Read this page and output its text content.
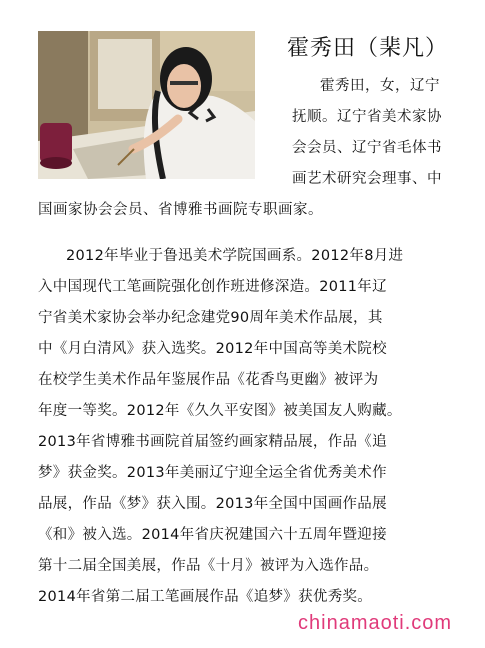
霍秀田（棐凡）
霍秀田，女，辽宁
抚顺。辽宁省美术家协
会会员、辽宁省毛体书
画艺术研究会理事、中
国画家协会会员、省博雅书画院专职画家。
2012年毕业于鲁迅美术学院国画系。2012年8月进
入中国现代工笔画院强化创作班进修深造。2011年辽
宁省美术家协会举办纪念建党90周年美术作品展，其
中《月白清风》获入选奖。2012年中国高等美术院校
在校学生美术作品年鉴展作品《花香鸟更幽》被评为
年度一等奖。2012年《久久平安图》被美国友人购藏。
2013年省博雅书画院首届签约画家精品展，作品《追
梦》获金奖。2013年美丽辽宁迎全运全省优秀美术作
品展，作品《梦》获入围。2013年全国中国画作品展
《和》被入选。2014年省庆祝建国六十五周年暨迎接
第十二届全国美展，作品《十月》被评为入选作品。
2014年省第二届工笔画展作品《追梦》获优秀奖。
chinamaoti.com
